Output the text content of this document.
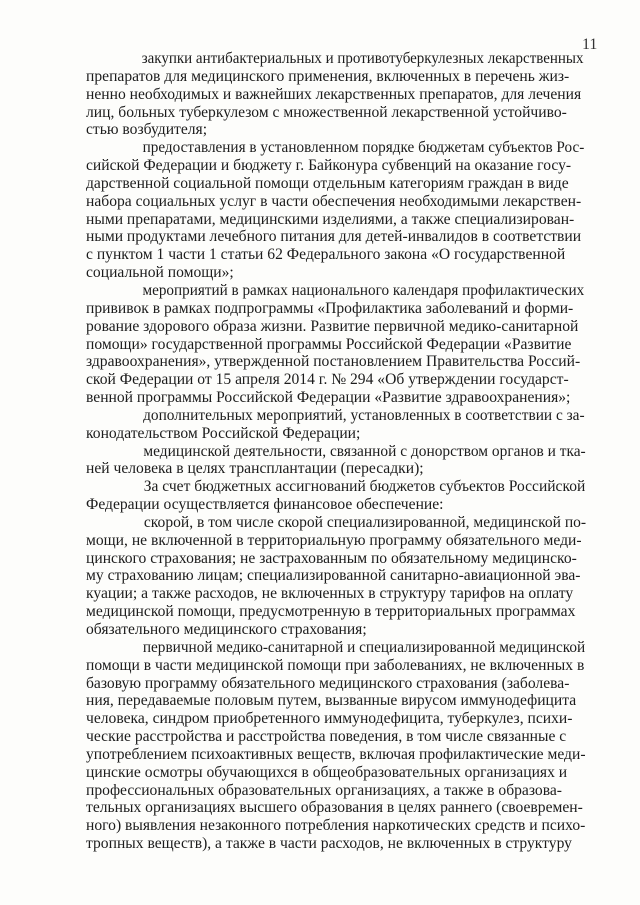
11
закупки антибактериальных и противотуберкулезных лекарственных
препаратов для медицинского применения, включенных в перечень жиз-
ненно необходимых и важнейших лекарственных препаратов, для лечения
лиц, больных туберкулезом с множественной лекарственной устойчиво-
стью возбудителя;
предоставления в установленном порядке бюджетам субъектов Рос-
сийской Федерации и бюджету г. Байконура субвенций на оказание госу-
дарственной социальной помощи отдельным категориям граждан в виде
набора социальных услуг в части обеспечения необходимыми лекарствен-
ными препаратами, медицинскими изделиями, а также специализирован-
ными продуктами лечебного питания для детей-инвалидов в соответствии
с пунктом 1 части 1 статьи 62 Федерального закона «О государственной
социальной помощи»;
мероприятий в рамках национального календаря профилактических
прививок в рамках подпрограммы «Профилактика заболеваний и форми-
рование здорового образа жизни. Развитие первичной медико-санитарной
помощи» государственной программы Российской Федерации «Развитие
здравоохранения», утвержденной постановлением Правительства Россий-
ской Федерации от 15 апреля 2014 г. № 294 «Об утверждении государст-
венной программы Российской Федерации «Развитие здравоохранения»;
дополнительных мероприятий, установленных в соответствии с за-
конодательством Российской Федерации;
медицинской деятельности, связанной с донорством органов и тка-
ней человека в целях трансплантации (пересадки);
За счет бюджетных ассигнований бюджетов субъектов Российской
Федерации осуществляется финансовое обеспечение:
скорой, в том числе скорой специализированной, медицинской по-
мощи, не включенной в территориальную программу обязательного меди-
цинского страхования; не застрахованным по обязательному медицинско-
му страхованию лицам; специализированной санитарно-авиационной эва-
куации; а также расходов, не включенных в структуру тарифов на оплату
медицинской помощи, предусмотренную в территориальных программах
обязательного медицинского страхования;
первичной медико-санитарной и специализированной медицинской
помощи в части медицинской помощи при заболеваниях, не включенных в
базовую программу обязательного медицинского страхования (заболева-
ния, передаваемые половым путем, вызванные вирусом иммунодефицита
человека, синдром приобретенного иммунодефицита, туберкулез, психи-
ческие расстройства и расстройства поведения, в том числе связанные с
употреблением психоактивных веществ, включая профилактические меди-
цинские осмотры обучающихся в общеобразовательных организациях и
профессиональных образовательных организациях, а также в образова-
тельных организациях высшего образования в целях раннего (своевремен-
ного) выявления незаконного потребления наркотических средств и психо-
тропных веществ), а также в части расходов, не включенных в структуру
